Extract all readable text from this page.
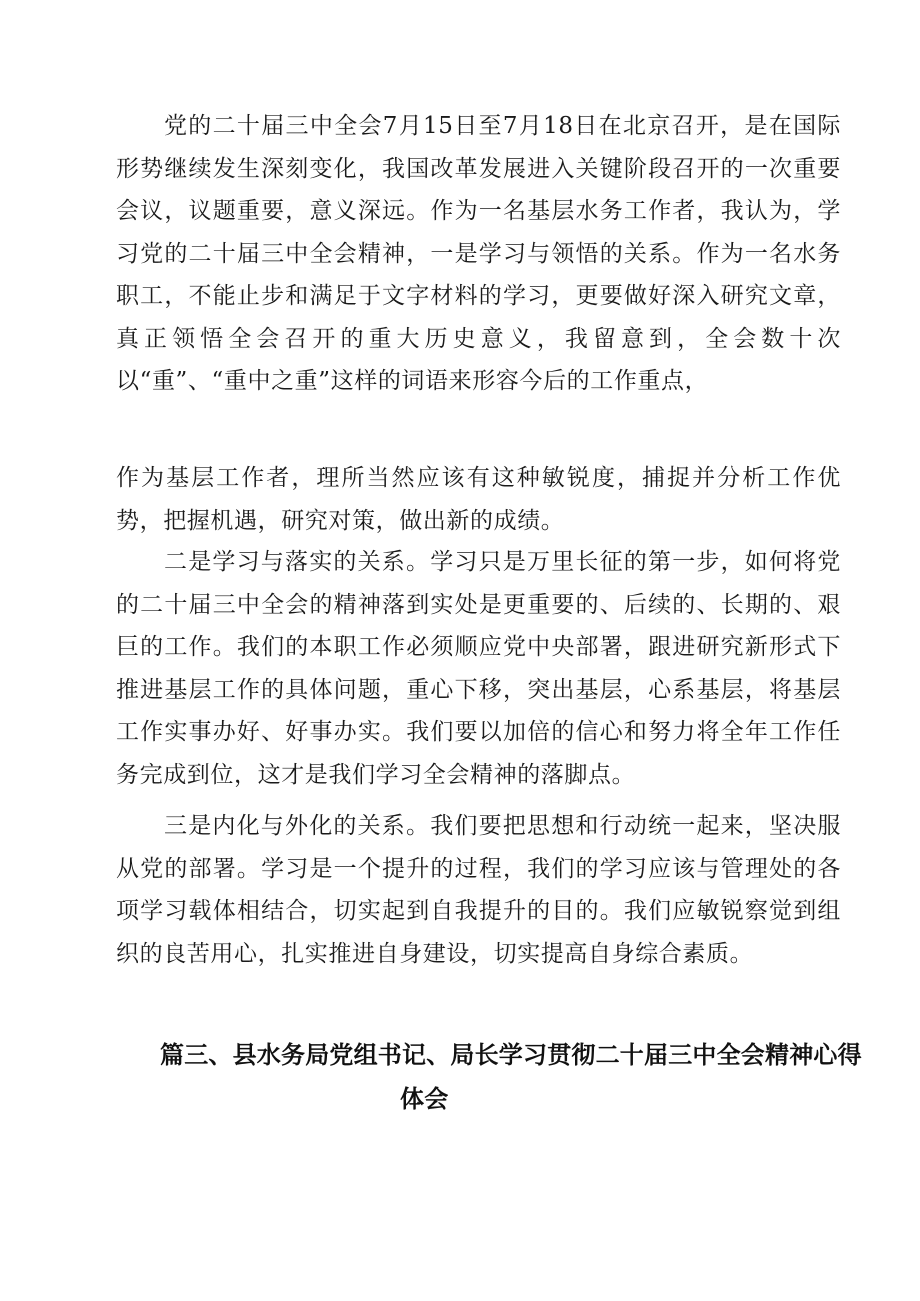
党的二十届三中全会7月15日至7月18日在北京召开，是在国际形势继续发生深刻变化，我国改革发展进入关键阶段召开的一次重要会议，议题重要，意义深远。作为一名基层水务工作者，我认为，学习党的二十届三中全会精神，一是学习与领悟的关系。作为一名水务职工，不能止步和满足于文字材料的学习，更要做好深入研究文章，真正领悟全会召开的重大历史意义，我留意到，全会数十次以“重”、“重中之重”这样的词语来形容今后的工作重点，

作为基层工作者，理所当然应该有这种敏锐度，捕捉并分析工作优势，把握机遇，研究对策，做出新的成绩。

二是学习与落实的关系。学习只是万里长征的第一步，如何将党的二十届三中全会的精神落到实处是更重要的、后续的、长期的、艰巨的工作。我们的本职工作必须顺应党中央部署，跟进研究新形式下推进基层工作的具体问题，重心下移，突出基层，心系基层，将基层工作实事办好、好事办实。我们要以加倍的信心和努力将全年工作任务完成到位，这才是我们学习全会精神的落脚点。

三是内化与外化的关系。我们要把思想和行动统一起来，坚决服从党的部署。学习是一个提升的过程，我们的学习应该与管理处的各项学习载体相结合，切实起到自我提升的目的。我们应敏锐察觉到组织的良苦用心，扎实推进自身建设，切实提高自身综合素质。

篇三、县水务局党组书记、局长学习贯彻二十届三中全会精神心得
体会
